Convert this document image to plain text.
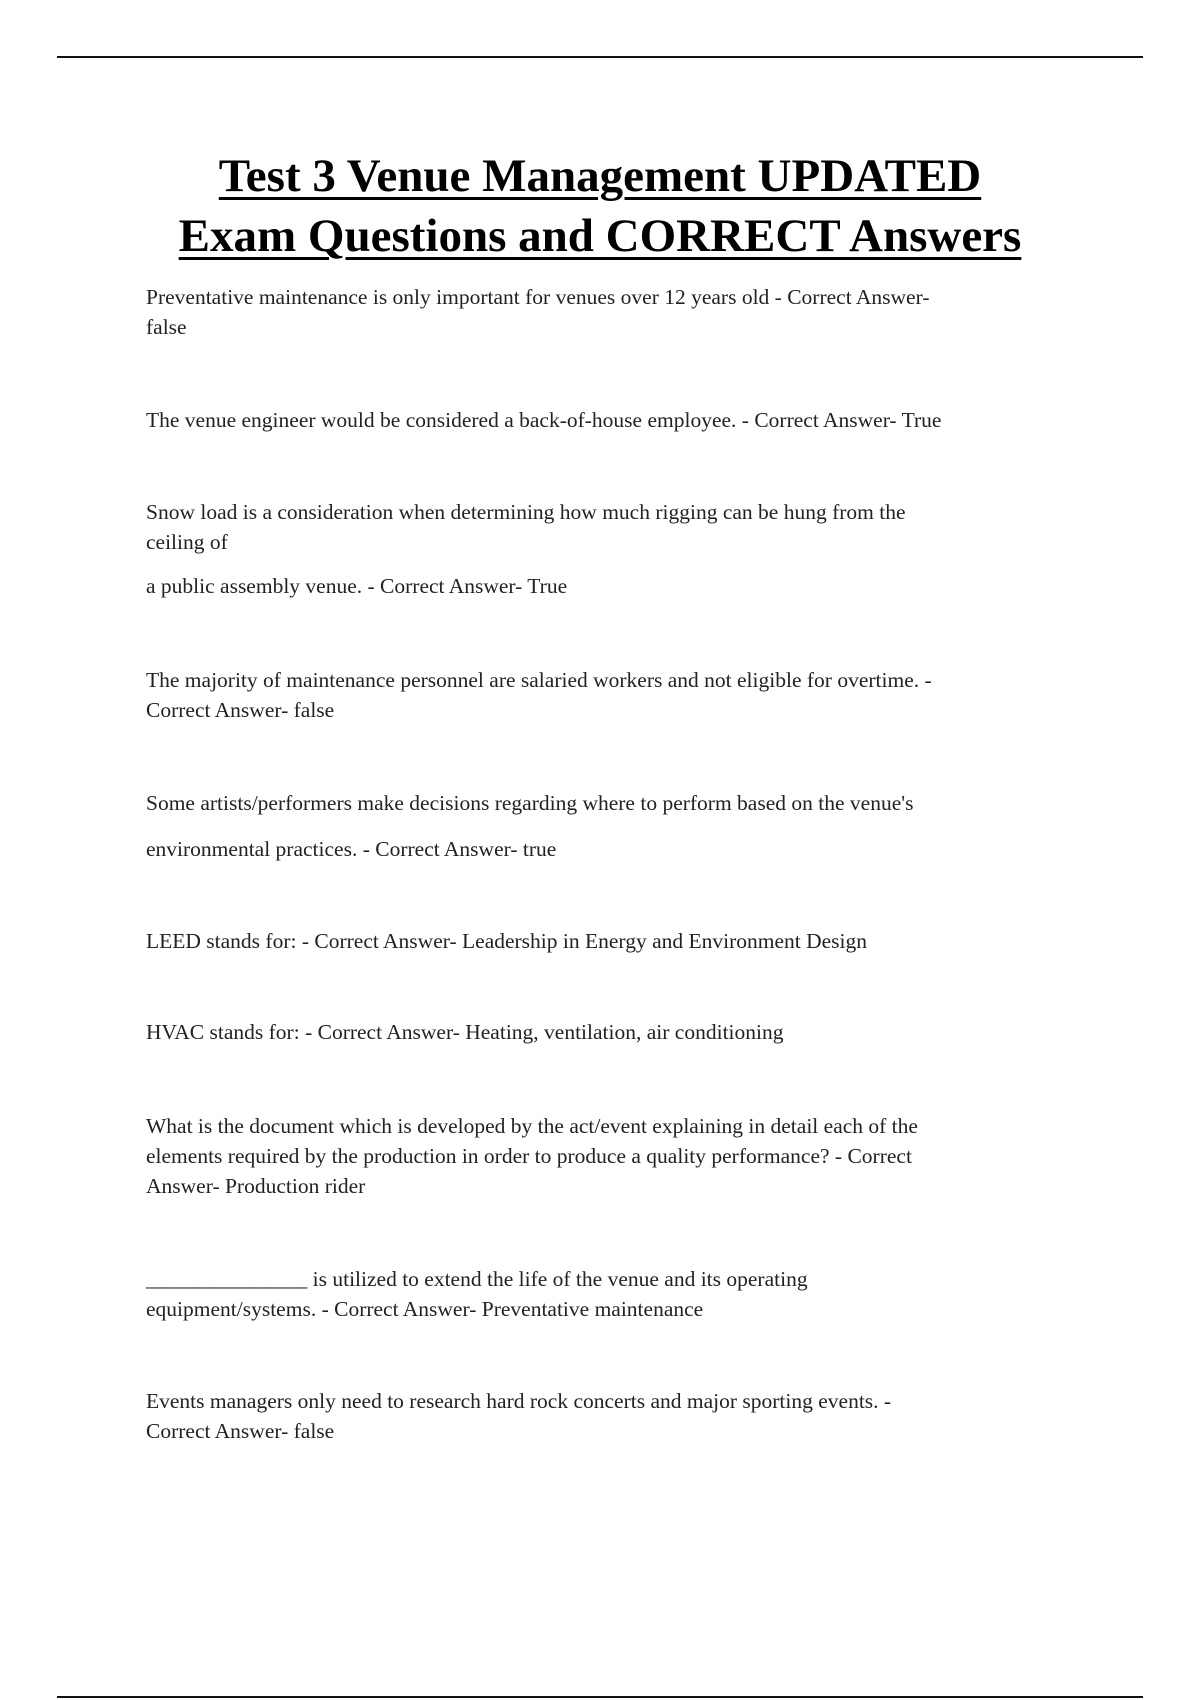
Test 3 Venue Management UPDATED
Exam Questions and CORRECT Answers
Preventative maintenance is only important for venues over 12 years old - Correct Answer-
false
The venue engineer would be considered a back-of-house employee. - Correct Answer- True
Snow load is a consideration when determining how much rigging can be hung from the
ceiling of
a public assembly venue. - Correct Answer- True
The majority of maintenance personnel are salaried workers and not eligible for overtime. -
Correct Answer- false
Some artists/performers make decisions regarding where to perform based on the venue's
environmental practices. - Correct Answer- true
LEED stands for: - Correct Answer- Leadership in Energy and Environment Design
HVAC stands for: - Correct Answer- Heating, ventilation, air conditioning
What is the document which is developed by the act/event explaining in detail each of the
elements required by the production in order to produce a quality performance? - Correct
Answer- Production rider
_______________ is utilized to extend the life of the venue and its operating
equipment/systems. - Correct Answer- Preventative maintenance
Events managers only need to research hard rock concerts and major sporting events. -
Correct Answer- false
